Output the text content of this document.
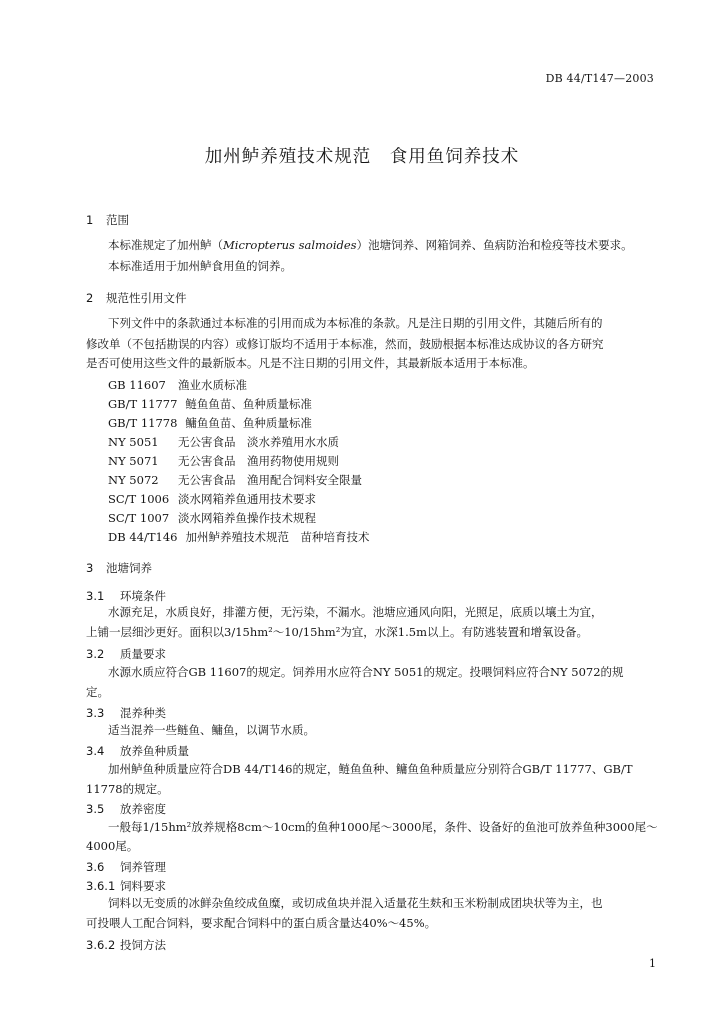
DB 44/T147—2003
加州鲈养殖技术规范　食用鱼饲养技术
1 范围
本标准规定了加州鲈（Micropterus salmoides）池塘饲养、网箱饲养、鱼病防治和检疫等技术要求。
本标准适用于加州鲈食用鱼的饲养。
2 规范性引用文件
下列文件中的条款通过本标准的引用而成为本标准的条款。凡是注日期的引用文件，其随后所有的
修改单（不包括勘误的内容）或修订版均不适用于本标准，然而，鼓励根据本标准达成协议的各方研究
是否可使用这些文件的最新版本。凡是不注日期的引用文件，其最新版本适用于本标准。
GB 11607 渔业水质标准
GB/T 11777 鲢鱼鱼苗、鱼种质量标准
GB/T 11778 鳙鱼鱼苗、鱼种质量标准
NY 5051 无公害食品　淡水养殖用水水质
NY 5071 无公害食品　渔用药物使用规则
NY 5072 无公害食品　渔用配合饲料安全限量
SC/T 1006 淡水网箱养鱼通用技术要求
SC/T 1007 淡水网箱养鱼操作技术规程
DB 44/T146 加州鲈养殖技术规范　苗种培育技术
3 池塘饲养
3.1 环境条件
水源充足，水质良好，排灌方便，无污染，不漏水。池塘应通风向阳，光照足，底质以壤土为宜，
上铺一层细沙更好。面积以3/15hm²～10/15hm²为宜，水深1.5m以上。有防逃装置和增氧设备。
3.2 质量要求
水源水质应符合GB 11607的规定。饲养用水应符合NY 5051的规定。投喂饲料应符合NY 5072的规
定。
3.3 混养种类
适当混养一些鲢鱼、鳙鱼，以调节水质。
3.4 放养鱼种质量
加州鲈鱼种质量应符合DB 44/T146的规定，鲢鱼鱼种、鳙鱼鱼种质量应分别符合GB/T 11777、GB/T
11778的规定。
3.5 放养密度
一般每1/15hm²放养规格8cm～10cm的鱼种1000尾～3000尾，条件、设备好的鱼池可放养鱼种3000尾～
4000尾。
3.6 饲养管理
3.6.1 饲料要求
饲料以无变质的冰鲜杂鱼绞成鱼糜，或切成鱼块并混入适量花生麸和玉米粉制成团块状等为主，也
可投喂人工配合饲料，要求配合饲料中的蛋白质含量达40%～45%。
3.6.2 投饲方法
1
